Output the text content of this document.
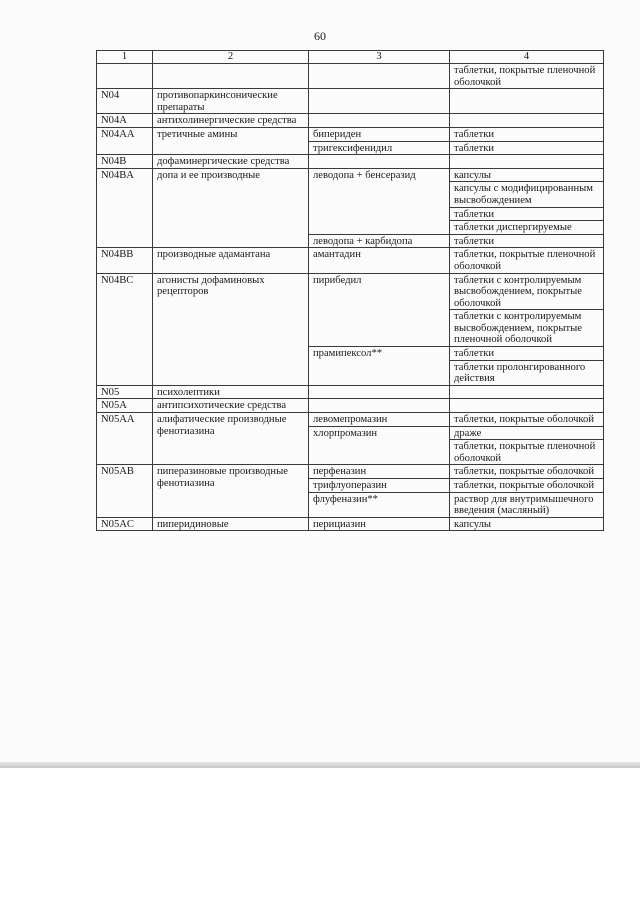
60
1	2	3	4
			таблетки, покрытые пленочной оболочкой
N04	противопаркинсонические препараты		
N04A	антихолинергические средства		
N04AA	третичные амины	бипериден	таблетки
		тригексифенидил	таблетки
N04B	дофаминергические средства		
N04BA	допа и ее производные	леводопа + бенсеразид	капсулы
			капсулы с модифицированным высвобождением
			таблетки
			таблетки диспергируемые
		леводопа + карбидопа	таблетки
N04BB	производные адамантана	амантадин	таблетки, покрытые пленочной оболочкой
N04BC	агонисты дофаминовых рецепторов	пирибедил	таблетки с контролируемым высвобождением, покрытые оболочкой
			таблетки с контролируемым высвобождением, покрытые пленочной оболочкой
		прамипексол**	таблетки
			таблетки пролонгированного действия
N05	психолептики		
N05A	антипсихотические средства		
N05AA	алифатические производные фенотиазина	левомепромазин	таблетки, покрытые оболочкой
		хлорпромазин	драже
			таблетки, покрытые пленочной оболочкой
N05AB	пиперазиновые производные фенотиазина	перфеназин	таблетки, покрытые оболочкой
		трифлуоперазин	таблетки, покрытые оболочкой
		флуфеназин**	раствор для внутримышечного введения (масляный)
N05AC	пиперидиновые	перициазин	капсулы
